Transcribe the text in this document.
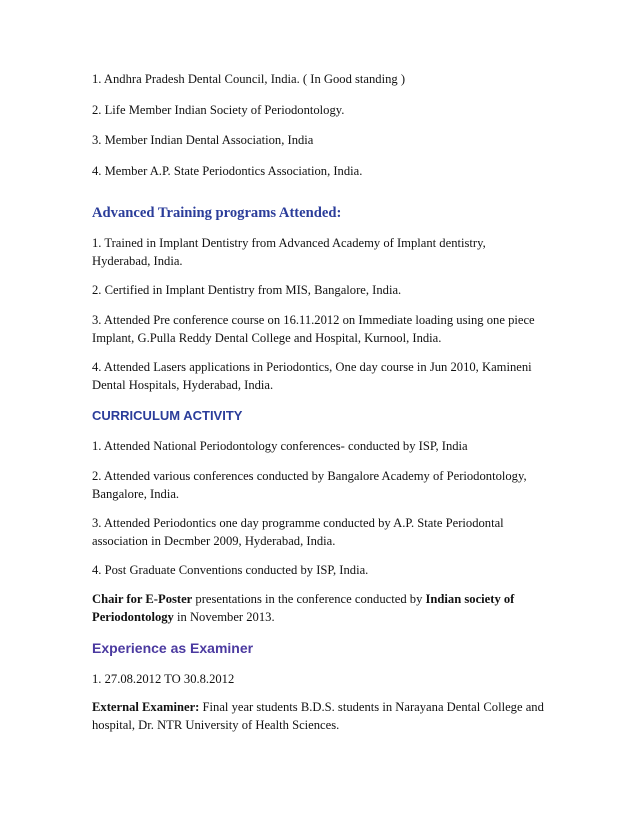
1. Andhra Pradesh Dental Council, India. ( In Good standing )

2. Life Member Indian Society of Periodontology.

3. Member Indian Dental Association, India

4. Member A.P. State Periodontics Association, India.

Advanced Training programs Attended:
1. Trained in Implant Dentistry from Advanced Academy of Implant dentistry,
Hyderabad, India.
2. Certified in Implant Dentistry from MIS, Bangalore, India.
3. Attended Pre conference course on 16.11.2012 on Immediate loading using one piece
Implant, G.Pulla Reddy Dental College and Hospital, Kurnool, India.
4. Attended Lasers applications in Periodontics, One day course in Jun 2010, Kamineni
Dental Hospitals, Hyderabad, India.
CURRICULUM ACTIVITY
1. Attended National Periodontology conferences- conducted by ISP, India
2. Attended various conferences conducted by Bangalore Academy of Periodontology,
Bangalore, India.
3. Attended Periodontics one day programme conducted by A.P. State Periodontal
association in Decmber 2009, Hyderabad, India.
4. Post Graduate Conventions conducted by ISP, India.
Chair for E-Poster presentations in the conference conducted by Indian society of
Periodontology in November 2013.
Experience as Examiner

1. 27.08.2012 TO 30.8.2012

External Examiner: Final year students B.D.S. students in Narayana Dental College and
hospital, Dr. NTR University of Health Sciences.
